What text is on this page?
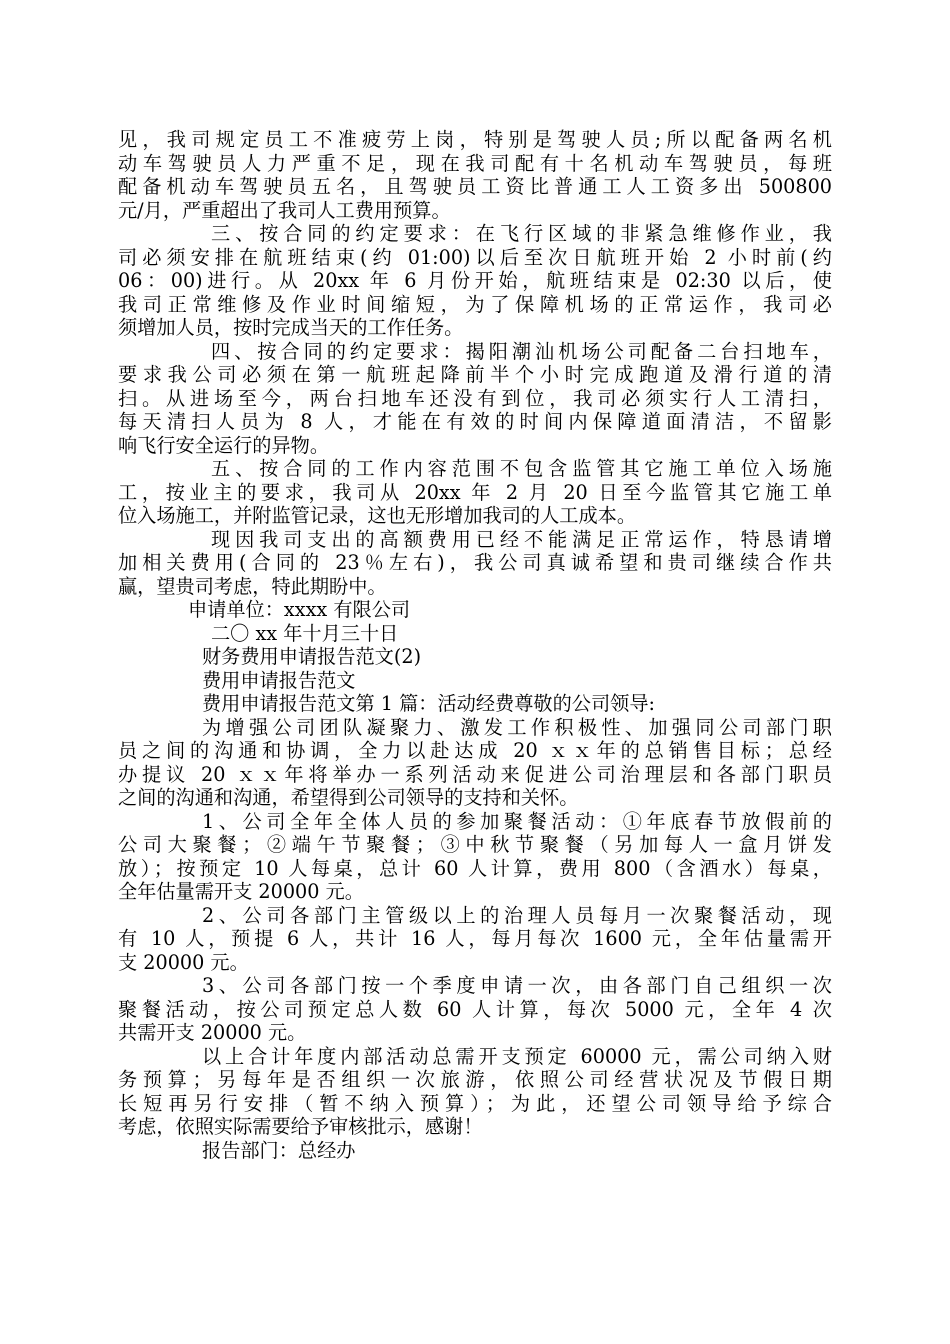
见，我司规定员工不准疲劳上岗，特别是驾驶人员;所以配备两名机
动车驾驶员人力严重不足，现在我司配有十名机动车驾驶员，每班
配备机动车驾驶员五名，且驾驶员工资比普通工人工资多出 500800
元/月，严重超出了我司人工费用预算。
三、按合同的约定要求：在飞行区域的非紧急维修作业，我
司必须安排在航班结束(约 01:00)以后至次日航班开始 2 小时前(约
06：00)进行。从 20xx 年 6 月份开始，航班结束是 02:30 以后，使
我司正常维修及作业时间缩短，为了保障机场的正常运作，我司必
须增加人员，按时完成当天的工作任务。
四、按合同的约定要求：揭阳潮汕机场公司配备二台扫地车，
要求我公司必须在第一航班起降前半个小时完成跑道及滑行道的清
扫。从进场至今，两台扫地车还没有到位，我司必须实行人工清扫，
每天清扫人员为 8 人，才能在有效的时间内保障道面清洁，不留影
响飞行安全运行的异物。
五、按合同的工作内容范围不包含监管其它施工单位入场施
工，按业主的要求，我司从 20xx 年 2 月 20 日至今监管其它施工单
位入场施工，并附监管记录，这也无形增加我司的人工成本。
现因我司支出的高额费用已经不能满足正常运作，特恳请增
加相关费用(合同的 23％左右)，我公司真诚希望和贵司继续合作共
赢，望贵司考虑，特此期盼中。
申请单位：xxxx 有限公司
二〇 xx 年十月三十日
财务费用申请报告范文(2)
费用申请报告范文
费用申请报告范文第 1 篇：活动经费尊敬的公司领导:
为增强公司团队凝聚力、激发工作积极性、加强同公司部门职
员之间的沟通和协调，全力以赴达成 20 ｘｘ年的总销售目标；总经
办提议 20 ｘｘ年将举办一系列活动来促进公司治理层和各部门职员
之间的沟通和沟通，希望得到公司领导的支持和关怀。
1、公司全年全体人员的参加聚餐活动：①年底春节放假前的
公司大聚餐；②端午节聚餐；③中秋节聚餐（另加每人一盒月饼发
放）；按预定 10 人每桌，总计 60 人计算，费用 800（含酒水）每桌，
全年估量需开支 20000 元。
2、公司各部门主管级以上的治理人员每月一次聚餐活动，现
有 10 人，预提 6 人，共计 16 人，每月每次 1600 元，全年估量需开
支 20000 元。
3、公司各部门按一个季度申请一次，由各部门自己组织一次
聚餐活动，按公司预定总人数 60 人计算，每次 5000 元，全年 4 次
共需开支 20000 元。
以上合计年度内部活动总需开支预定 60000 元，需公司纳入财
务预算；另每年是否组织一次旅游，依照公司经营状况及节假日期
长短再另行安排（暂不纳入预算）；为此，还望公司领导给予综合
考虑，依照实际需要给予审核批示，感谢！
报告部门：总经办
